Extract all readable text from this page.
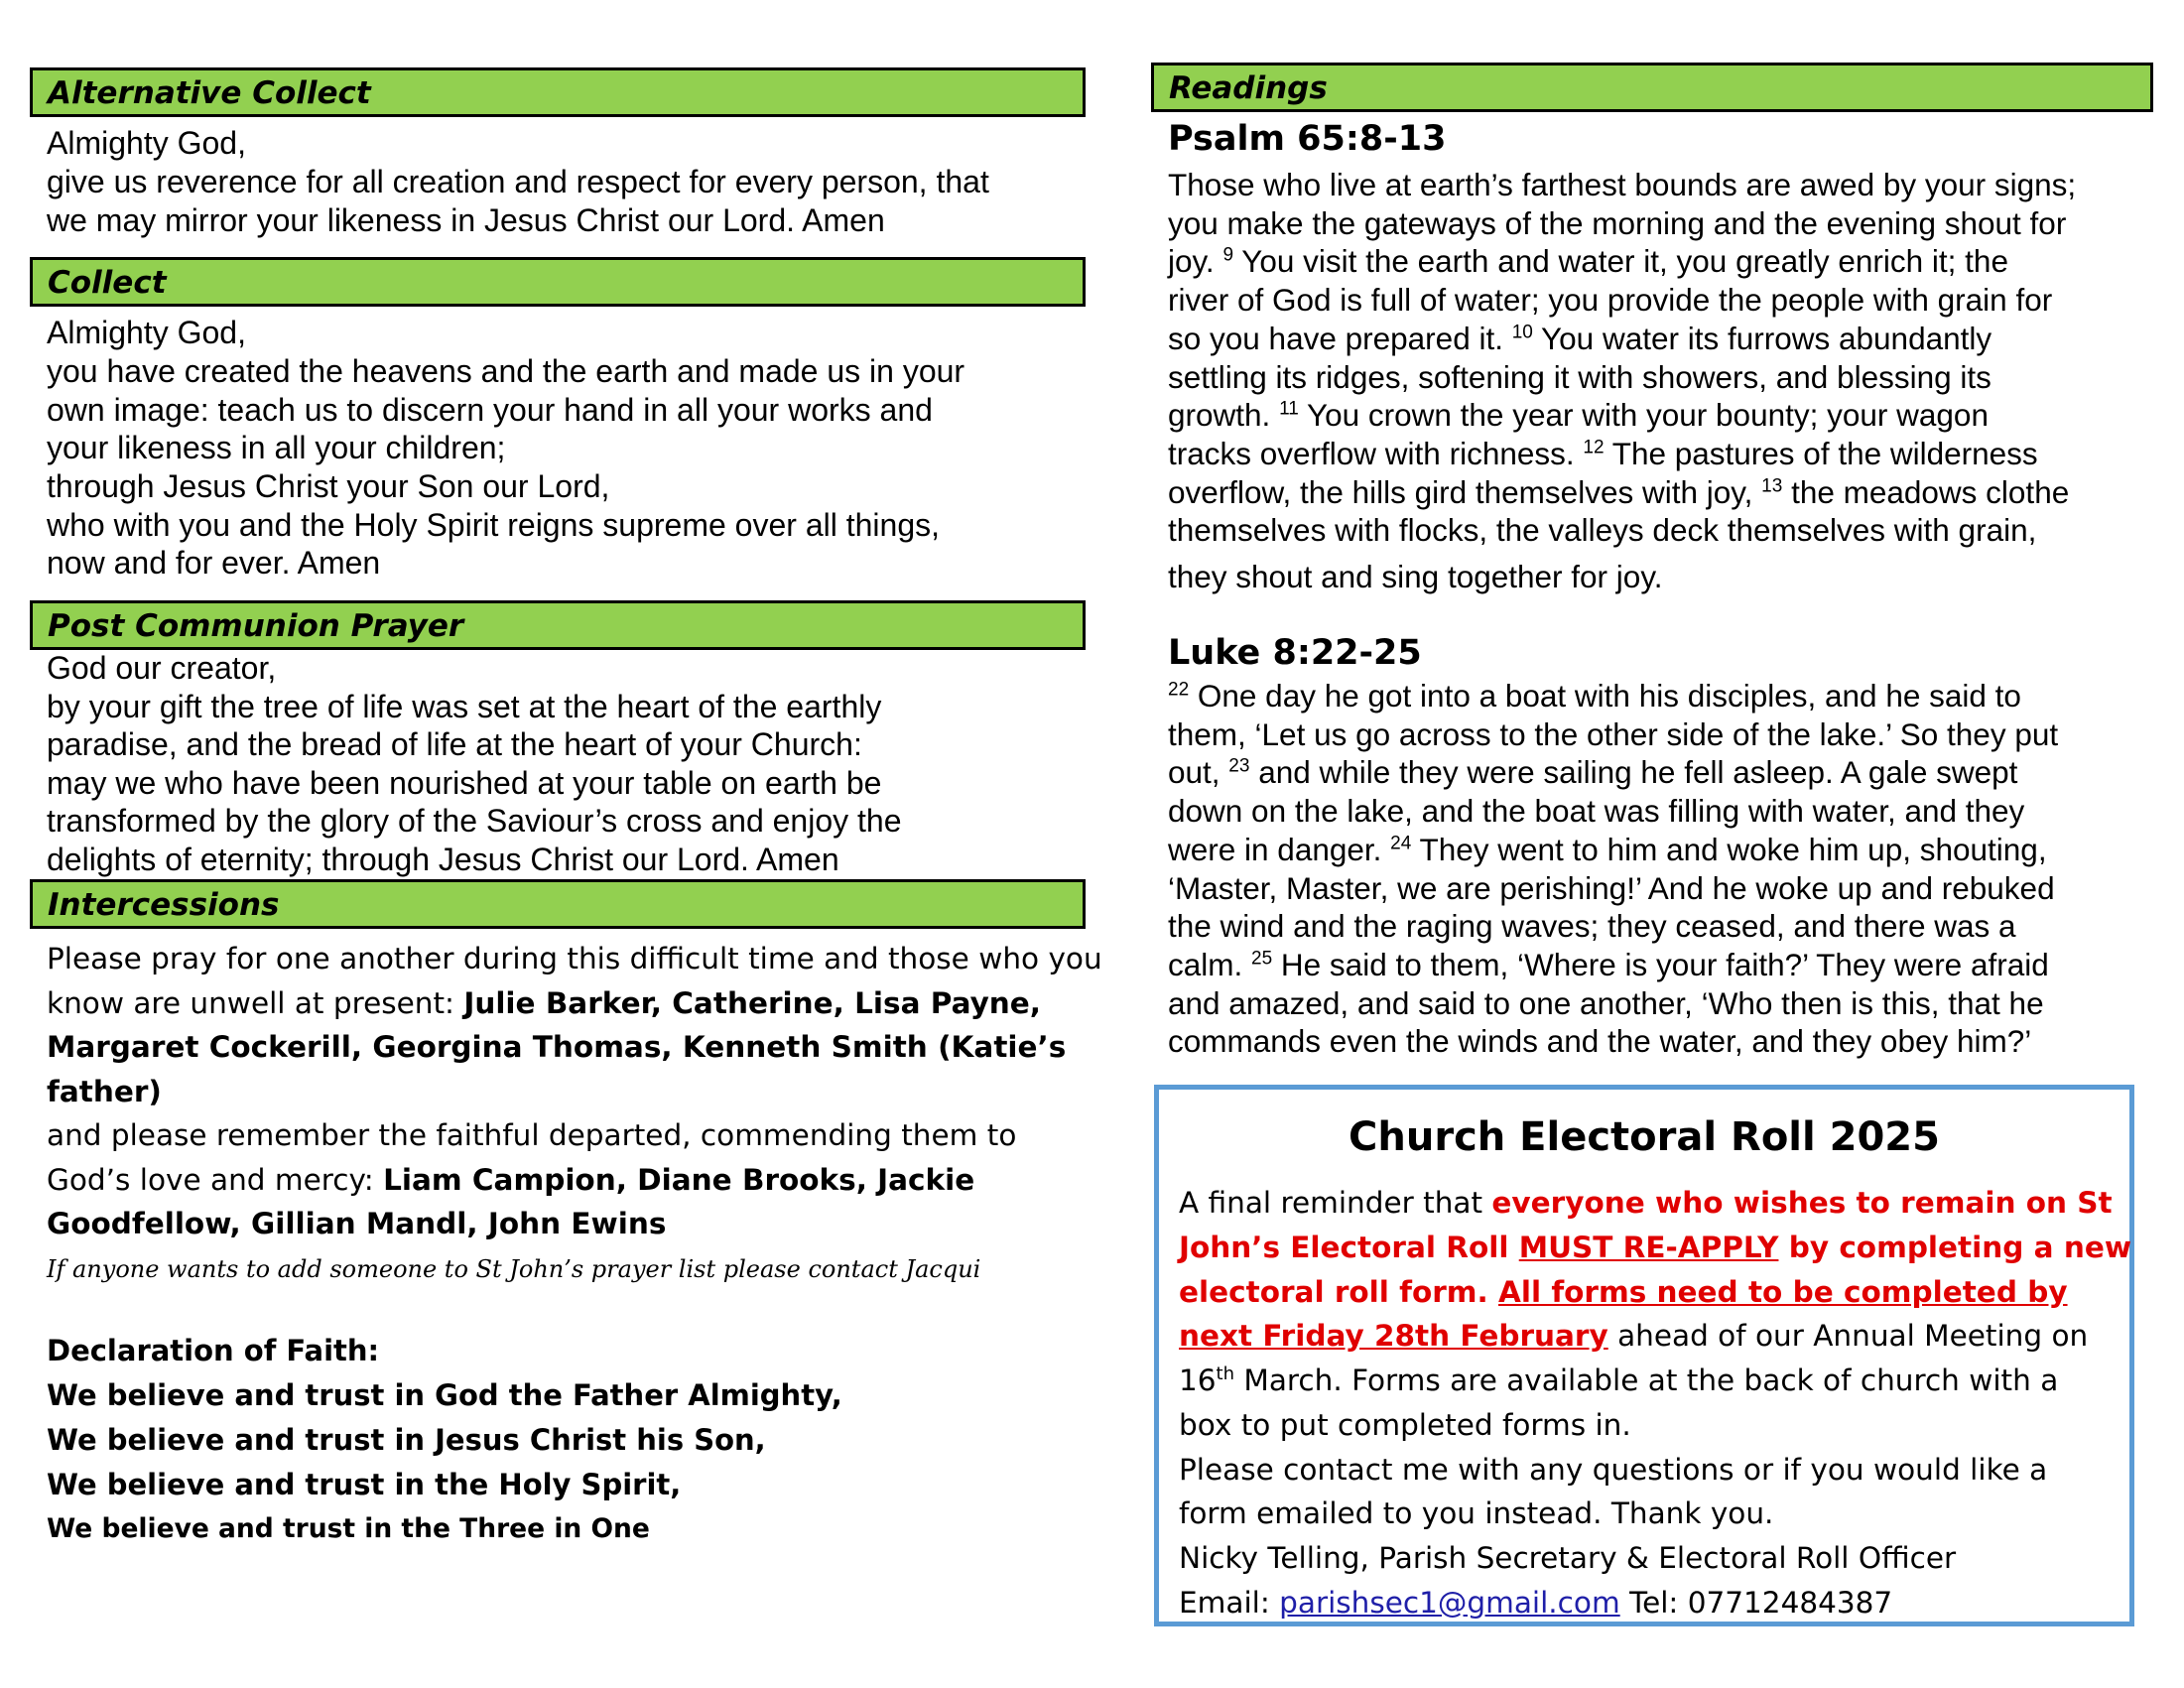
Alternative Collect

Almighty God,

give us reverence for all creation and respect for every person, that

we may mirror your likeness in Jesus Christ our Lord. Amen

Collect

Almighty God,

you have created the heavens and the earth and made us in your

own image: teach us to discern your hand in all your works and

your likeness in all your children;

through Jesus Christ your Son our Lord,

who with you and the Holy Spirit reigns supreme over all things,

now and for ever. Amen

Post Communion Prayer

God our creator,

by your gift the tree of life was set at the heart of the earthly

paradise, and the bread of life at the heart of your Church:

may we who have been nourished at your table on earth be

transformed by the glory of the Saviour’s cross and enjoy the

delights of eternity; through Jesus Christ our Lord. Amen

Intercessions

Please pray for one another during this difficult time and those who you

know are unwell at present: Julie Barker, Catherine, Lisa Payne,

Margaret Cockerill, Georgina Thomas, Kenneth Smith (Katie’s

father)

and please remember the faithful departed, commending them to

God’s love and mercy: Liam Campion, Diane Brooks, Jackie

Goodfellow, Gillian Mandl, John Ewins

If anyone wants to add someone to St John’s prayer list please contact Jacqui

Declaration of Faith:

We believe and trust in God the Father Almighty,

We believe and trust in Jesus Christ his Son,

We believe and trust in the Holy Spirit,

We believe and trust in the Three in One

Readings

Psalm 65:8-13

Those who live at earth’s farthest bounds are awed by your signs;

you make the gateways of the morning and the evening shout for

joy. $^9$ You visit the earth and water it, you greatly enrich it; the

river of God is full of water; you provide the people with grain for

so you have prepared it. $^{10}$ You water its furrows abundantly

settling its ridges, softening it with showers, and blessing its

growth. $^{11}$ You crown the year with your bounty; your wagon

tracks overflow with richness. $^{12}$ The pastures of the wilderness

overflow, the hills gird themselves with joy, $^{13}$ the meadows clothe

themselves with flocks, the valleys deck themselves with grain,

they shout and sing together for joy.

Luke 8:22-25

$^{22}$ One day he got into a boat with his disciples, and he said to

them, ‘Let us go across to the other side of the lake.’ So they put

out, $^{23}$ and while they were sailing he fell asleep. A gale swept

down on the lake, and the boat was filling with water, and they

were in danger. $^{24}$ They went to him and woke him up, shouting,

‘Master, Master, we are perishing!’ And he woke up and rebuked

the wind and the raging waves; they ceased, and there was a

calm. $^{25}$ He said to them, ‘Where is your faith?’ They were afraid

and amazed, and said to one another, ‘Who then is this, that he

commands even the winds and the water, and they obey him?’

Church Electoral Roll 2025

A final reminder that everyone who wishes to remain on St

John’s Electoral Roll MUST RE-APPLY by completing a new

electoral roll form. All forms need to be completed by

next Friday 28th February ahead of our Annual Meeting on

16th March. Forms are available at the back of church with a

box to put completed forms in.

Please contact me with any questions or if you would like a

form emailed to you instead. Thank you.

Nicky Telling, Parish Secretary & Electoral Roll Officer

Email: parishsec1@gmail.com Tel: 07712484387
